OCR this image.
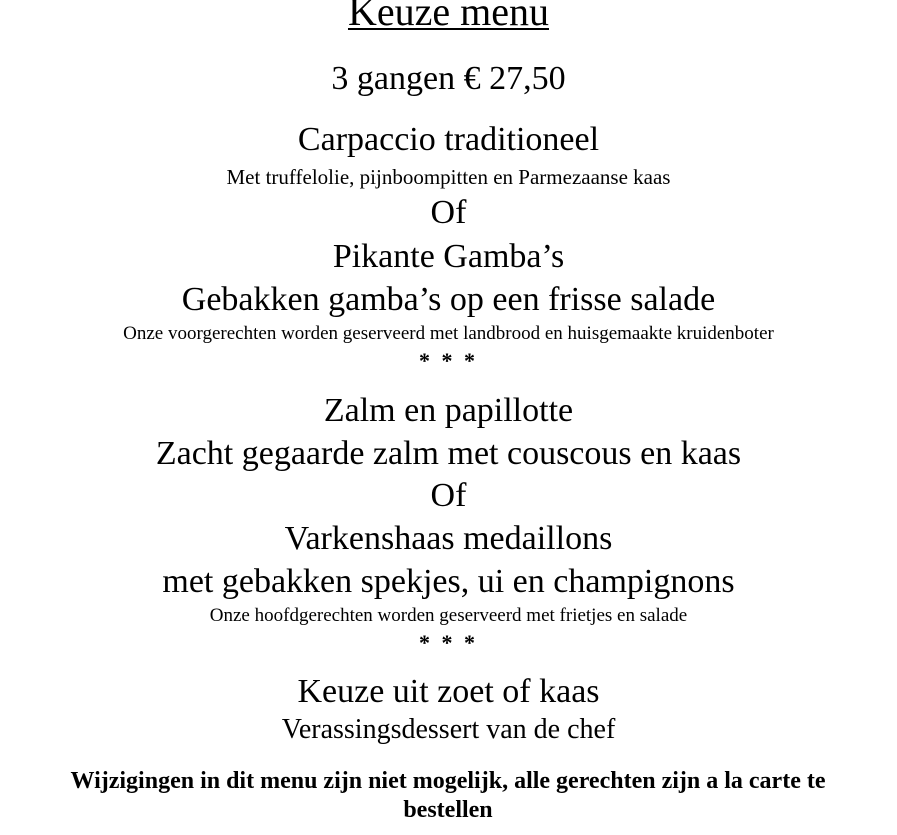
Keuze menu
3 gangen € 27,50
Carpaccio traditioneel
Met truffelolie, pijnboompitten en Parmezaanse kaas
Of
Pikante Gamba’s
Gebakken gamba’s op een frisse salade
Onze voorgerechten worden geserveerd met landbrood en huisgemaakte kruidenboter
* * *
Zalm en papillotte
Zacht gegaarde zalm met couscous en kaas
Of
Varkenshaas medaillons
met gebakken spekjes, ui en champignons
Onze hoofdgerechten worden geserveerd met frietjes en salade
* * *
Keuze uit zoet of kaas
Verassingsdessert van de chef
Wijzigingen in dit menu zijn niet mogelijk, alle gerechten zijn a la carte te bestellen
